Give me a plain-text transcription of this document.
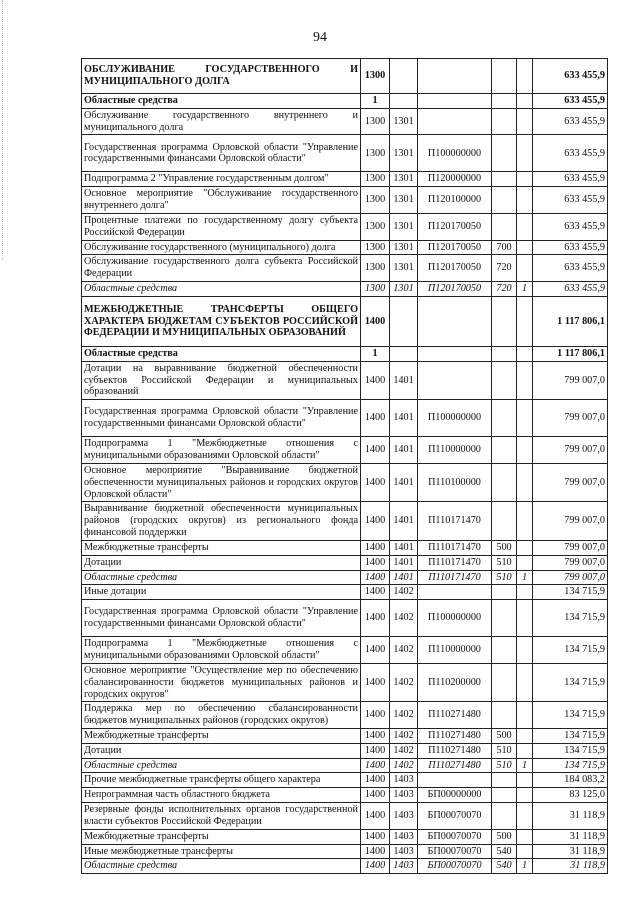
94
ОБСЛУЖИВАНИЕ ГОСУДАРСТВЕННОГО И МУНИЦИПАЛЬНОГО ДОЛГА	1300					633 455,9
Областные средства	1					633 455,9
Обслуживание государственного внутреннего и муниципального долга	1300	1301				633 455,9
Государственная программа Орловской области "Управление государственными финансами Орловской области"	1300	1301	П100000000			633 455,9
Подпрограмма 2 "Управление государственным долгом"	1300	1301	П120000000			633 455,9
Основное мероприятие "Обслуживание государственного внутреннего долга"	1300	1301	П120100000			633 455,9
Процентные платежи по государственному долгу субъекта Российской Федерации	1300	1301	П120170050			633 455,9
Обслуживание государственного (муниципального) долга	1300	1301	П120170050	700		633 455,9
Обслуживание государственного долга субъекта Российской Федерации	1300	1301	П120170050	720		633 455,9
Областные средства	1300	1301	П120170050	720	1	633 455,9
МЕЖБЮДЖЕТНЫЕ ТРАНСФЕРТЫ ОБЩЕГО ХАРАКТЕРА БЮДЖЕТАМ СУБЪЕКТОВ РОССИЙСКОЙ ФЕДЕРАЦИИ И МУНИЦИПАЛЬНЫХ ОБРАЗОВАНИЙ	1400					1 117 806,1
Областные средства	1					1 117 806,1
Дотации на выравнивание бюджетной обеспеченности субъектов Российской Федерации и муниципальных образований	1400	1401				799 007,0
Государственная программа Орловской области "Управление государственными финансами Орловской области"	1400	1401	П100000000			799 007,0
Подпрограмма 1 "Межбюджетные отношения с муниципальными образованиями Орловской области"	1400	1401	П110000000			799 007,0
Основное мероприятие "Выравнивание бюджетной обеспеченности муниципальных районов и городских округов Орловской области"	1400	1401	П110100000			799 007,0
Выравнивание бюджетной обеспеченности муниципальных районов (городских округов) из регионального фонда финансовой поддержки	1400	1401	П110171470			799 007,0
Межбюджетные трансферты	1400	1401	П110171470	500		799 007,0
Дотации	1400	1401	П110171470	510		799 007,0
Областные средства	1400	1401	П110171470	510	1	799 007,0
Иные дотации	1400	1402				134 715,9
Государственная программа Орловской области "Управление государственными финансами Орловской области"	1400	1402	П100000000			134 715,9
Подпрограмма 1 "Межбюджетные отношения с муниципальными образованиями Орловской области"	1400	1402	П110000000			134 715,9
Основное мероприятие "Осуществление мер по обеспечению сбалансированности бюджетов муниципальных районов и городских округов"	1400	1402	П110200000			134 715,9
Поддержка мер по обеспечению сбалансированности бюджетов муниципальных районов (городских округов)	1400	1402	П110271480			134 715,9
Межбюджетные трансферты	1400	1402	П110271480	500		134 715,9
Дотации	1400	1402	П110271480	510		134 715,9
Областные средства	1400	1402	П110271480	510	1	134 715,9
Прочие межбюджетные трансферты общего характера	1400	1403				184 083,2
Непрограммная часть областного бюджета	1400	1403	БП00000000			83 125,0
Резервные фонды исполнительных органов государственной власти субъектов Российской Федерации	1400	1403	БП00070070			31 118,9
Межбюджетные трансферты	1400	1403	БП00070070	500		31 118,9
Иные межбюджетные трансферты	1400	1403	БП00070070	540		31 118,9
Областные средства	1400	1403	БП00070070	540	1	31 118,9
